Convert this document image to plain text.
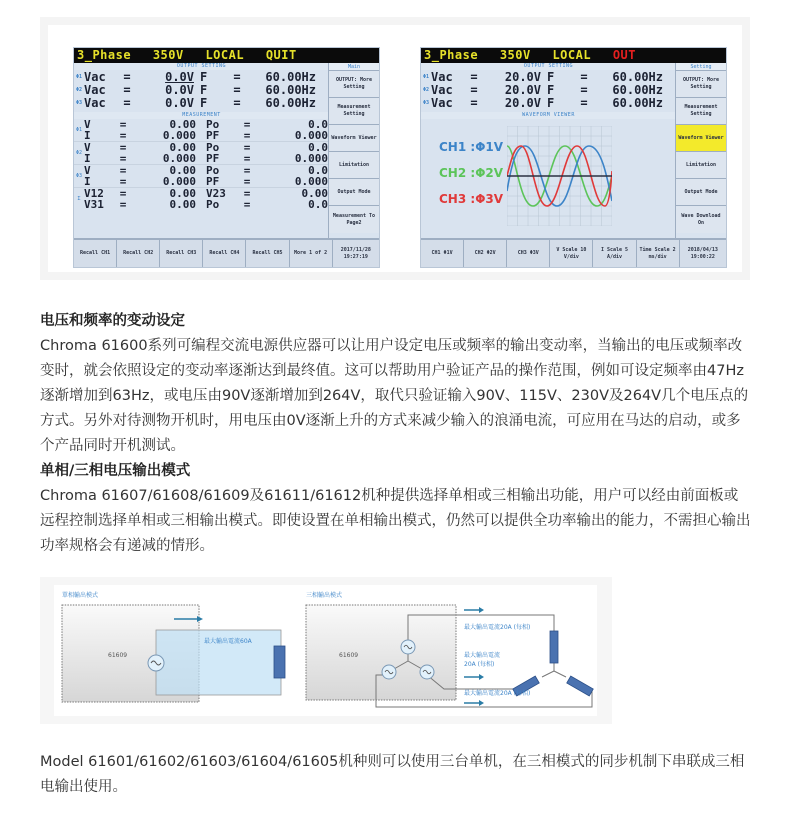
3_Phase 350V LOCAL QUIT
OUTPUT SETTING
Φ1 Vac	=	0.0V F	=	60.00Hz
Φ2 Vac	=	0.0V F	=	60.00Hz
Φ3 Vac	=	0.0V F	=	60.00Hz
MEASUREMENT
Φ1 V	=	0.00 Po	=	0.0
I	=	0.000 PF	=	0.000
Φ2 V	=	0.00 Po	=	0.0
I	=	0.000 PF	=	0.000
Φ3 V	=	0.00 Po	=	0.0
I	=	0.000 PF	=	0.000
Σ V12	=	0.00 V23	=	0.00
V31	=	0.00 Po	=	0.0
Main
OUTPUT: More Setting
Measurement Setting
Waveform Viewer
Limitation
Output Mode
Measurement To Page2
Recall CH1	Recall CH2	Recall CH3	Recall CH4	Recall CH5	More 1 of 2
2017/11/28 19:27:19
3_Phase 350V LOCAL OUT
OUTPUT SETTING
Φ1 Vac	=	20.0V F	=	60.00Hz
Φ2 Vac	=	20.0V F	=	60.00Hz
Φ3 Vac	=	20.0V F	=	60.00Hz
WAVEFORM VIEWER
CH1 :Φ1V
CH2 :Φ2V
CH3 :Φ3V
Setting
OUTPUT: More Setting
Measurement Setting
Waveform Viewer
Limitation
Output Mode
Wave Download On
CH1 Φ1V	CH2 Φ2V	CH3 Φ3V
V Scale 10 V/div
I Scale 5 A/div
Time Scale 2 ms/div
2018/04/13 19:00:22
电压和频率的变动设定
Chroma 61600系列可编程交流电源供应器可以让用户设定电压或频率的输出变动率，当输出的电压或频率改变时，就会依照设定的变动率逐渐达到最终值。这可以帮助用户验证产品的操作范围，例如可设定频率由47Hz逐渐增加到63Hz，或电压由90V逐渐增加到264V，取代只验证输入90V、115V、230V及264V几个电压点的方式。另外对待测物开机时，用电压由0V逐渐上升的方式来减少输入的浪涌电流，可应用在马达的启动，或多个产品同时开机测试。
单相/三相电压输出模式
Chroma 61607/61608/61609及61611/61612机种提供选择单相或三相输出功能，用户可以经由前面板或远程控制选择单相或三相输出模式。即使设置在单相输出模式，仍然可以提供全功率输出的能力，不需担心输出功率规格会有递减的情形。
單相輸出模式
61609
最大輸出電流60A
三相輸出模式
61609
最大輸出電流20A (每相)
最大輸出電流
20A (每相)
最大輸出電流20A (每相)
Model 61601/61602/61603/61604/61605机种则可以使用三台单机，在三相模式的同步机制下串联成三相电输出使用。
